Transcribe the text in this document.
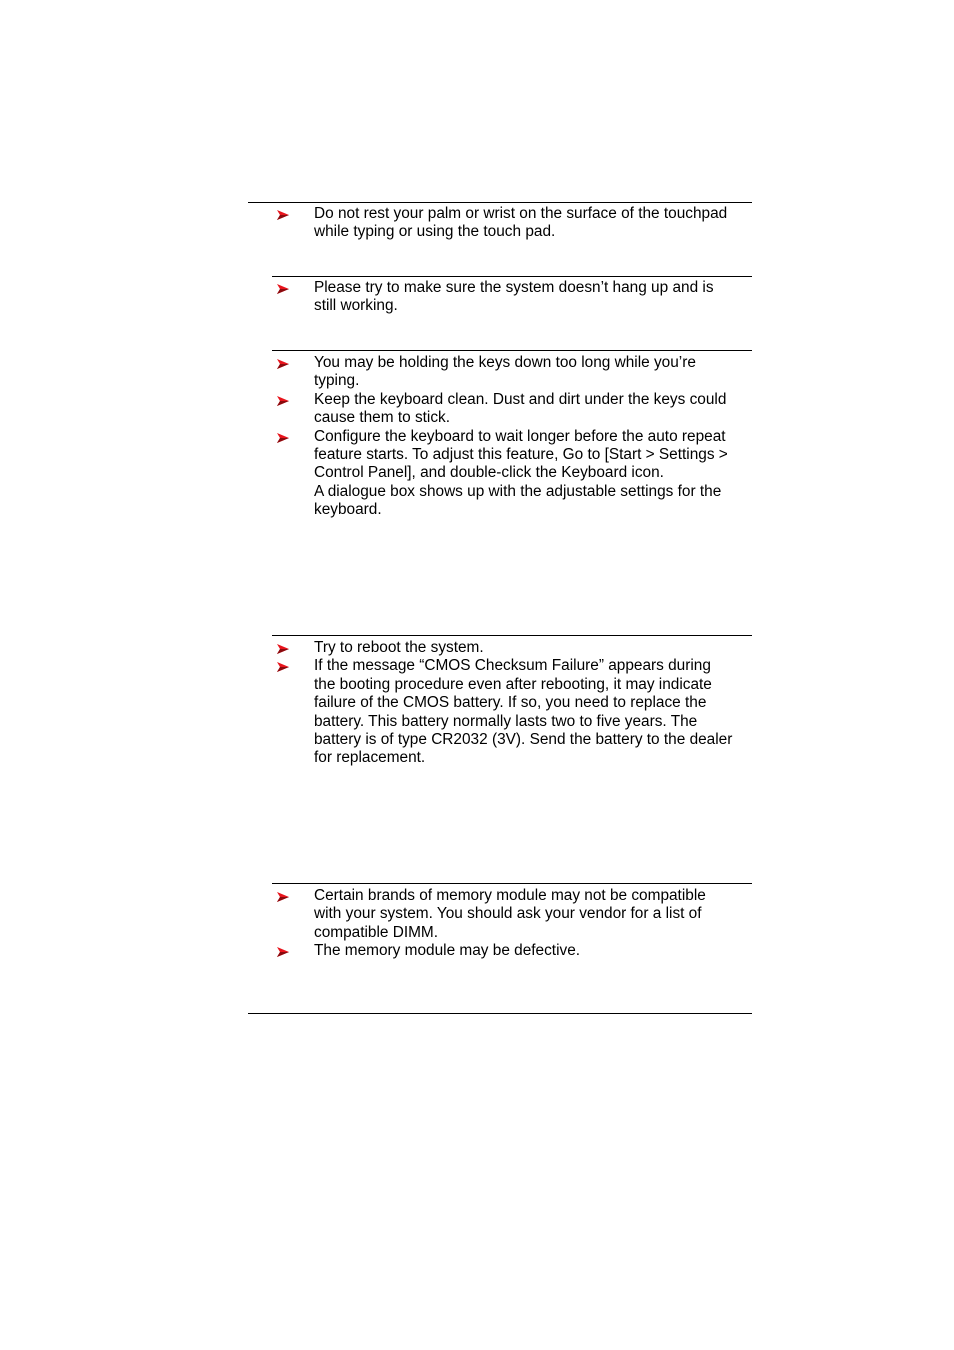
Do not rest your palm or wrist on the surface of the touchpad
while typing or using the touch pad.
Please try to make sure the system doesn’t hang up and is
still working.
You may be holding the keys down too long while you’re
typing.
Keep the keyboard clean. Dust and dirt under the keys could
cause them to stick.
Configure the keyboard to wait longer before the auto repeat
feature starts. To adjust this feature, Go to [Start > Settings >
Control Panel], and double-click the Keyboard icon.
A dialogue box shows up with the adjustable settings for the
keyboard.
Try to reboot the system.
If the message “CMOS Checksum Failure” appears during
the booting procedure even after rebooting, it may indicate
failure of the CMOS battery. If so, you need to replace the
battery. This battery normally lasts two to five years. The
battery is of type CR2032 (3V). Send the battery to the dealer
for replacement.
Certain brands of memory module may not be compatible
with your system. You should ask your vendor for a list of
compatible DIMM.
The memory module may be defective.
